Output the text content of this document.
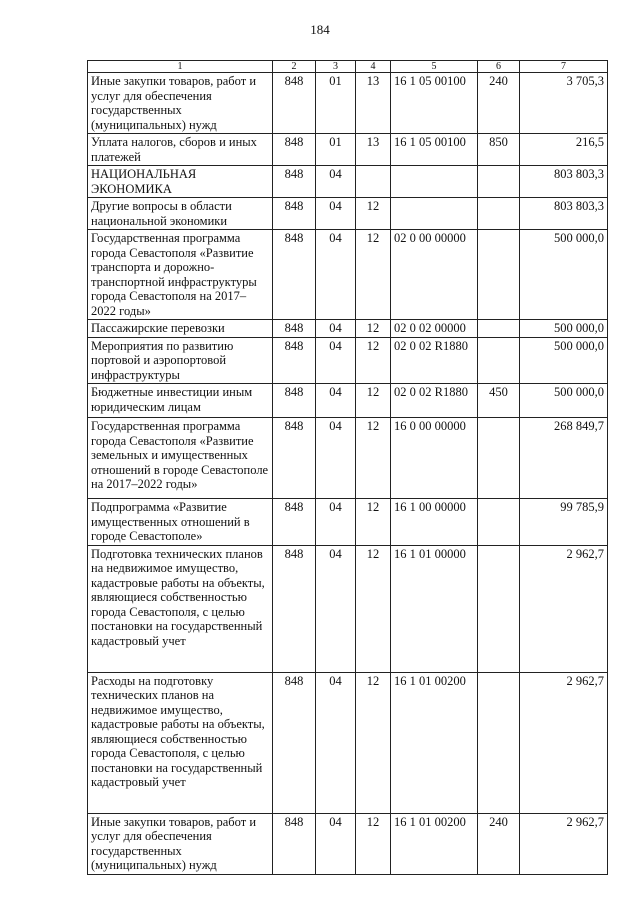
184
1	2	3	4	5	6	7
Иные закупки товаров, работ и услуг для обеспечения государственных (муниципальных) нужд	848	01	13	16 1 05 00100	240	3 705,3
Уплата налогов, сборов и иных платежей	848	01	13	16 1 05 00100	850	216,5
НАЦИОНАЛЬНАЯ ЭКОНОМИКА	848	04				803 803,3
Другие вопросы в области национальной экономики	848	04	12			803 803,3
Государственная программа города Севастополя «Развитие транспорта и дорожно-транспортной инфраструктуры города Севастополя на 2017–2022 годы»	848	04	12	02 0 00 00000		500 000,0
Пассажирские перевозки	848	04	12	02 0 02 00000		500 000,0
Мероприятия по развитию портовой и аэропортовой инфраструктуры	848	04	12	02 0 02 R1880		500 000,0
Бюджетные инвестиции иным юридическим лицам	848	04	12	02 0 02 R1880	450	500 000,0
Государственная программа города Севастополя «Развитие земельных и имущественных отношений в городе Севастополе на 2017–2022 годы»	848	04	12	16 0 00 00000		268 849,7
Подпрограмма «Развитие имущественных отношений в городе Севастополе»	848	04	12	16 1 00 00000		99 785,9
Подготовка технических планов на недвижимое имущество, кадастровые работы на объекты, являющиеся собственностью города Севастополя, с целью постановки на государственный кадастровый учет	848	04	12	16 1 01 00000		2 962,7
Расходы на подготовку технических планов на недвижимое имущество, кадастровые работы на объекты, являющиеся собственностью города Севастополя, с целью постановки на государственный кадастровый учет	848	04	12	16 1 01 00200		2 962,7
Иные закупки товаров, работ и услуг для обеспечения государственных (муниципальных) нужд	848	04	12	16 1 01 00200	240	2 962,7
